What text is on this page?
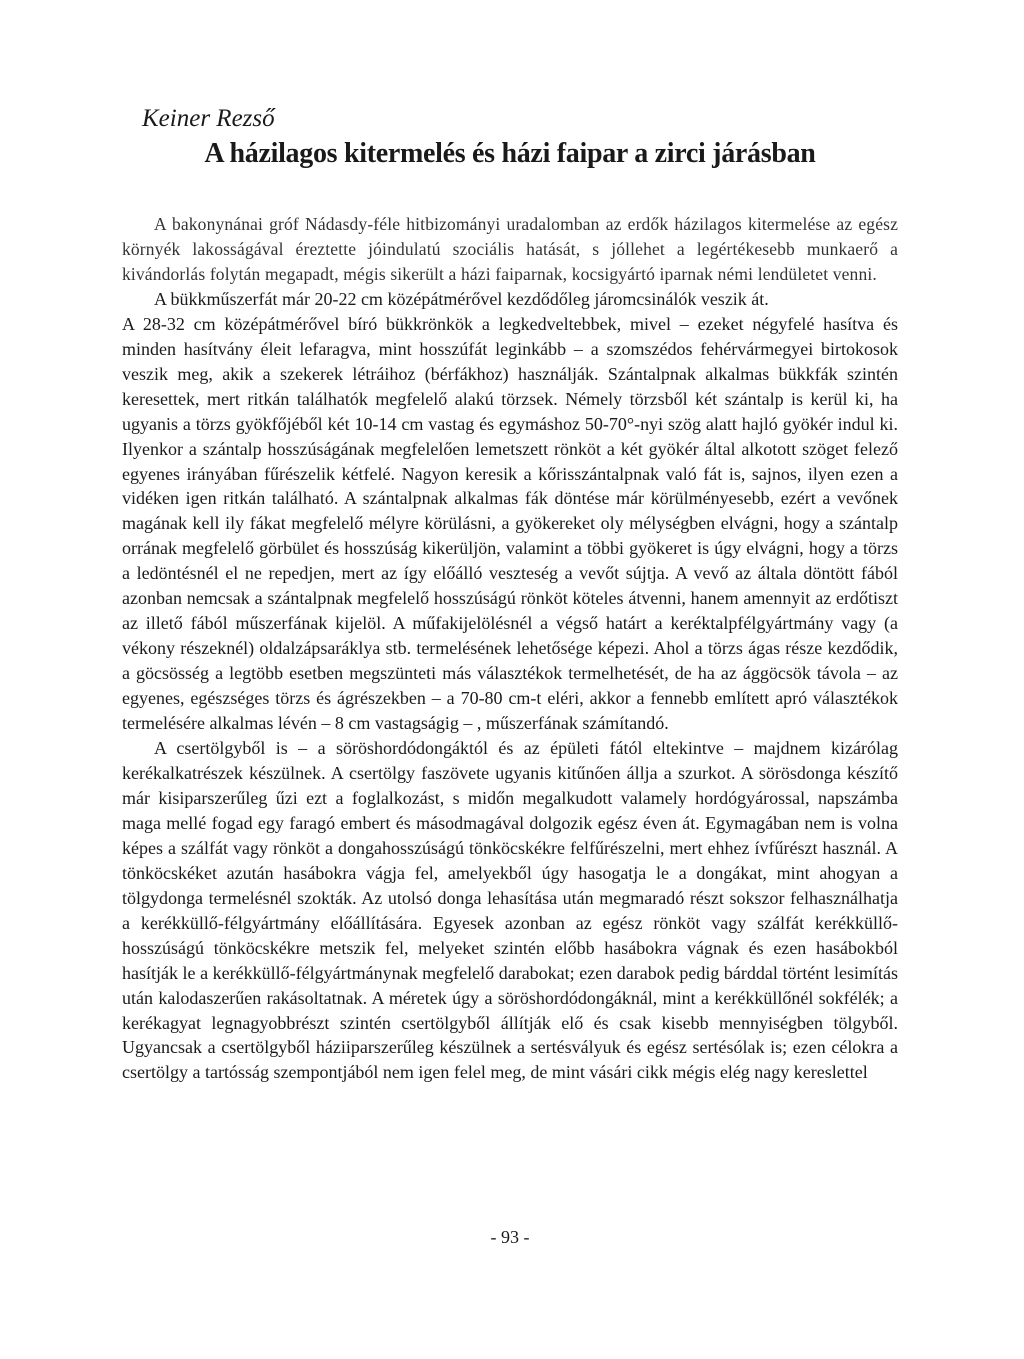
Keiner Rezső
A házilagos kitermelés és házi faipar a zirci járásban

A bakonynánai gróf Nádasdy-féle hitbizományi uradalomban az erdők házilagos kitermelése az egész környék lakosságával éreztette jóindulatú szociális hatását, s jóllehet a legértékesebb munkaerő a kivándorlás folytán megapadt, mégis sikerült a házi faiparnak, kocsigyártó iparnak némi lendületet venni.

A bükkműszerfát már 20-22 cm középátmérővel kezdődőleg járomcsinálók veszik át.

A 28-32 cm középátmérővel bíró bükkrönkök a legkedveltebbek, mivel – ezeket négyfelé hasítva és minden hasítvány éleit lefaragva, mint hosszúfát leginkább – a szomszédos fehérvármegyei birtokosok veszik meg, akik a szekerek létráihoz (bérfákhoz) használják. Szántalpnak alkalmas bükkfák szintén keresettek, mert ritkán találhatók megfelelő alakú törzsek. Némely törzsből két szántalp is kerül ki, ha ugyanis a törzs gyökfőjéből két 10-14 cm vastag és egymáshoz 50-70°-nyi szög alatt hajló gyökér indul ki. Ilyenkor a szántalp hosszúságának megfelelően lemetszett rönköt a két gyökér által alkotott szöget felező egyenes irányában fűrészelik kétfelé. Nagyon keresik a kőrisszántalpnak való fát is, sajnos, ilyen ezen a vidéken igen ritkán található. A szántalpnak alkalmas fák döntése már körülményesebb, ezért a vevőnek magának kell ily fákat megfelelő mélyre körülásni, a gyökereket oly mélységben elvágni, hogy a szántalp orrának megfelelő görbület és hosszúság kikerüljön, valamint a többi gyökeret is úgy elvágni, hogy a törzs a ledöntésnél el ne repedjen, mert az így előálló veszteség a vevőt sújtja. A vevő az általa döntött fából azonban nemcsak a szántalpnak megfelelő hosszúságú rönköt köteles átvenni, hanem amennyit az erdőtiszt az illető fából műszerfának kijelöl. A műfakijelölésnél a végső határt a keréktalpfélgyártmány vagy (a vékony részeknél) oldalzápsaráklya stb. termelésének lehetősége képezi. Ahol a törzs ágas része kezdődik, a göcsösség a legtöbb esetben megszünteti más választékok termelhetését, de ha az ággöcsök távola – az egyenes, egészséges törzs és ágrészekben – a 70-80 cm-t eléri, akkor a fennebb említett apró választékok termelésére alkalmas lévén – 8 cm vastagságig – , műszerfának számítandó.

A csertölgyből is – a söröshordódongáktól és az épületi fától eltekintve – majdnem kizárólag kerékalkatrészek készülnek. A csertölgy faszövete ugyanis kitűnően állja a szurkot. A sörösdonga készítő már kisiparszerűleg űzi ezt a foglalkozást, s midőn megalkudott valamely hordógyárossal, napszámba maga mellé fogad egy faragó embert és másodmagával dolgozik egész éven át. Egymagában nem is volna képes a szálfát vagy rönköt a dongahosszúságú tönköcskékre felfűrészelni, mert ehhez ívfűrészt használ. A tönköcskéket azután hasábokra vágja fel, amelyekből úgy hasogatja le a dongákat, mint ahogyan a tölgydonga termelésnél szokták. Az utolsó donga lehasítása után megmaradó részt sokszor felhasználhatja a kerékküllő-félgyártmány előállítására. Egyesek azonban az egész rönköt vagy szálfát kerékküllő-hosszúságú tönköcskékre metszik fel, melyeket szintén előbb hasábokra vágnak és ezen hasábokból hasítják le a kerékküllő-félgyártmánynak megfelelő darabokat; ezen darabok pedig bárddal történt lesimítás után kalodaszerűen rakásoltatnak. A méretek úgy a söröshordódongáknál, mint a kerékküllőnél sokfélék; a kerékagyat legnagyobbrészt szintén csertölgyből állítják elő és csak kisebb mennyiségben tölgyből. Ugyancsak a csertölgyből háziiparszerűleg készülnek a sertésvályuk és egész sertésólak is; ezen célokra a csertölgy a tartósság szempontjából nem igen felel meg, de mint vásári cikk mégis elég nagy kereslettel

- 93 -
